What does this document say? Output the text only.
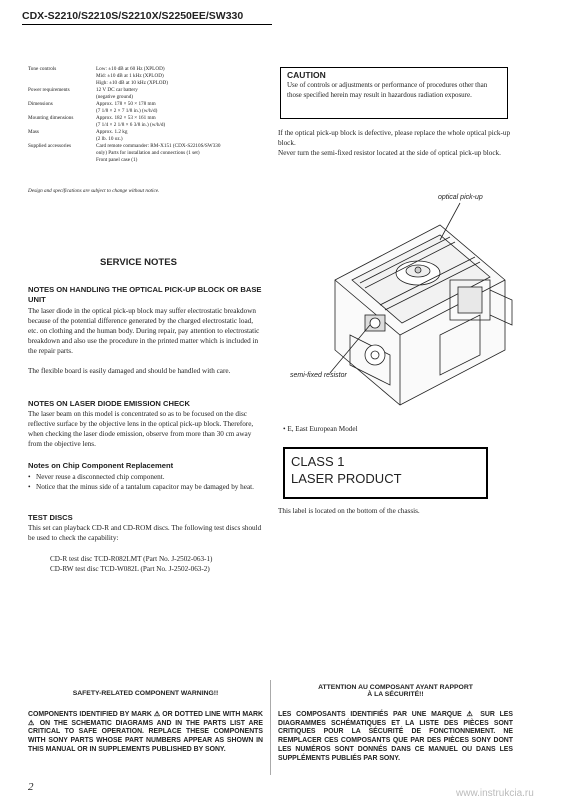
CDX-S2210/S2210S/S2210X/S2250EE/SW330
Tone controls	Low: ±10 dB at 60 Hz (XPLOD)
Mid: ±10 dB at 1 kHz (XPLOD)
High: ±10 dB at 10 kHz (XPLOD)

Power requirements	12 V DC car battery
(negative ground)

Dimensions	Approx. 178 × 50 × 178 mm
(7 1/8 × 2 × 7 1/8 in.) (w/h/d)

Mounting dimensions	Approx. 182 × 53 × 161 mm
(7 1/4 × 2 1/8 × 6 3/8 in.) (w/h/d)

Mass	Approx. 1.2 kg
(2 lb. 10 oz.)

Supplied accessories	Card remote commander: RM-X151 (CDX-S2210S/SW330
only) Parts for installation and connections (1 set)
Front panel case (1)
Design and specifications are subject to change without notice.
SERVICE NOTES
NOTES ON HANDLING THE OPTICAL PICK-UP BLOCK OR BASE UNIT
The laser diode in the optical pick-up block may suffer electrostatic breakdown because of the potential difference generated by the charged electrostatic load, etc. on clothing and the human body. During repair, pay attention to electrostatic breakdown and also use the procedure in the printed matter which is included in the repair parts.
The flexible board is easily damaged and should be handled with care.
NOTES ON LASER DIODE EMISSION CHECK
The laser beam on this model is concentrated so as to be focused on the disc reflective surface by the objective lens in the optical pick-up block. Therefore, when checking the laser diode emission, observe from more than 30 cm away from the objective lens.
Notes on Chip Component Replacement
• Never reuse a disconnected chip component.
• Notice that the minus side of a tantalum capacitor may be damaged by heat.
TEST DISCS
This set can playback CD-R and CD-ROM discs. The following test discs should be used to check the capability:
CD-R test disc TCD-R082LMT (Part No. J-2502-063-1)
CD-RW test disc TCD-W082L (Part No. J-2502-063-2)
CAUTION
Use of controls or adjustments or performance of procedures other than those specified herein may result in hazardous radiation exposure.
If the optical pick-up block is defective, please replace the whole optical pick-up block.
Never turn the semi-fixed resistor located at the side of optical pick-up block.
optical pick-up
semi-fixed resistor
• E, East European Model
CLASS 1
LASER PRODUCT
This label is located on the bottom of the chassis.
SAFETY-RELATED COMPONENT WARNING!!
COMPONENTS IDENTIFIED BY MARK ⚠ OR DOTTED LINE WITH MARK ⚠ ON THE SCHEMATIC DIAGRAMS AND IN THE PARTS LIST ARE CRITICAL TO SAFE OPERATION. REPLACE THESE COMPONENTS WITH SONY PARTS WHOSE PART NUMBERS APPEAR AS SHOWN IN THIS MANUAL OR IN SUPPLEMENTS PUBLISHED BY SONY.
ATTENTION AU COMPOSANT AYANT RAPPORT
À LA SÉCURITÉ!!
LES COMPOSANTS IDENTIFIÉS PAR UNE MARQUE ⚠ SUR LES DIAGRAMMES SCHÉMATIQUES ET LA LISTE DES PIÈCES SONT CRITIQUES POUR LA SÉCURITÉ DE FONCTIONNEMENT. NE REMPLACER CES COMPOSANTS QUE PAR DES PIÈCES SONY DONT LES NUMÉROS SONT DONNÉS DANS CE MANUEL OU DANS LES SUPPLÉMENTS PUBLIÉS PAR SONY.
2
www.instrukcia.ru
